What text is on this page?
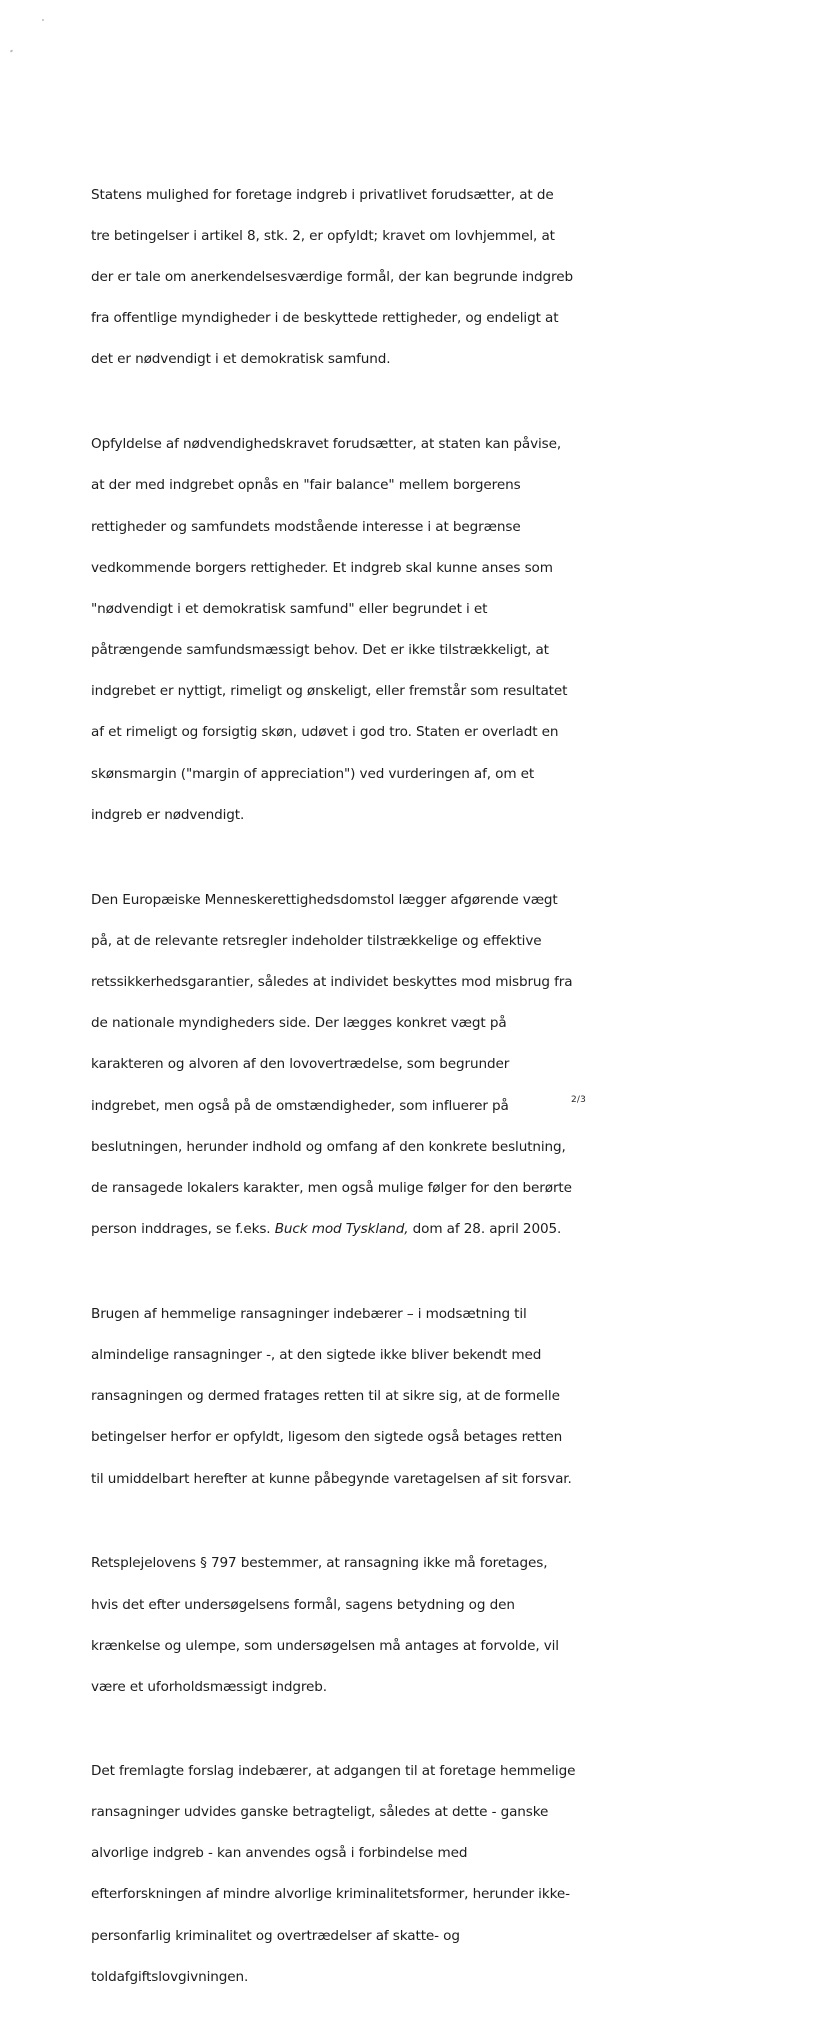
Statens mulighed for foretage indgreb i privatlivet forudsætter, at de

tre betingelser i artikel 8, stk. 2, er opfyldt; kravet om lovhjemmel, at

der er tale om anerkendelsesværdige formål, der kan begrunde indgreb

fra offentlige myndigheder i de beskyttede rettigheder, og endeligt at

det er nødvendigt i et demokratisk samfund.

Opfyldelse af nødvendighedskravet forudsætter, at staten kan påvise,

at der med indgrebet opnås en "fair balance" mellem borgerens

rettigheder og samfundets modstående interesse i at begrænse

vedkommende borgers rettigheder. Et indgreb skal kunne anses som

"nødvendigt i et demokratisk samfund" eller begrundet i et

påtrængende samfundsmæssigt behov. Det er ikke tilstrækkeligt, at

indgrebet er nyttigt, rimeligt og ønskeligt, eller fremstår som resultatet

af et rimeligt og forsigtig skøn, udøvet i god tro. Staten er overladt en

skønsmargin ("margin of appreciation") ved vurderingen af, om et

indgreb er nødvendigt.

Den Europæiske Menneskerettighedsdomstol lægger afgørende vægt

på, at de relevante retsregler indeholder tilstrækkelige og effektive

retssikkerhedsgarantier, således at individet beskyttes mod misbrug fra

de nationale myndigheders side. Der lægges konkret vægt på

karakteren og alvoren af den lovovertrædelse, som begrunder

indgrebet, men også på de omstændigheder, som influerer på

beslutningen, herunder indhold og omfang af den konkrete beslutning,

de ransagede lokalers karakter, men også mulige følger for den berørte

person inddrages, se f.eks. Buck mod Tyskland, dom af 28. april 2005.

Brugen af hemmelige ransagninger indebærer – i modsætning til

almindelige ransagninger -, at den sigtede ikke bliver bekendt med

ransagningen og dermed fratages retten til at sikre sig, at de formelle

betingelser herfor er opfyldt, ligesom den sigtede også betages retten

til umiddelbart herefter at kunne påbegynde varetagelsen af sit forsvar.

Retsplejelovens § 797 bestemmer, at ransagning ikke må foretages,

hvis det efter undersøgelsens formål, sagens betydning og den

krænkelse og ulempe, som undersøgelsen må antages at forvolde, vil

være et uforholdsmæssigt indgreb.

Det fremlagte forslag indebærer, at adgangen til at foretage hemmelige

ransagninger udvides ganske betragteligt, således at dette - ganske

alvorlige indgreb - kan anvendes også i forbindelse med

efterforskningen af mindre alvorlige kriminalitetsformer, herunder ikke-

personfarlig kriminalitet og overtrædelser af skatte- og

toldafgiftslovgivningen.

2/3
